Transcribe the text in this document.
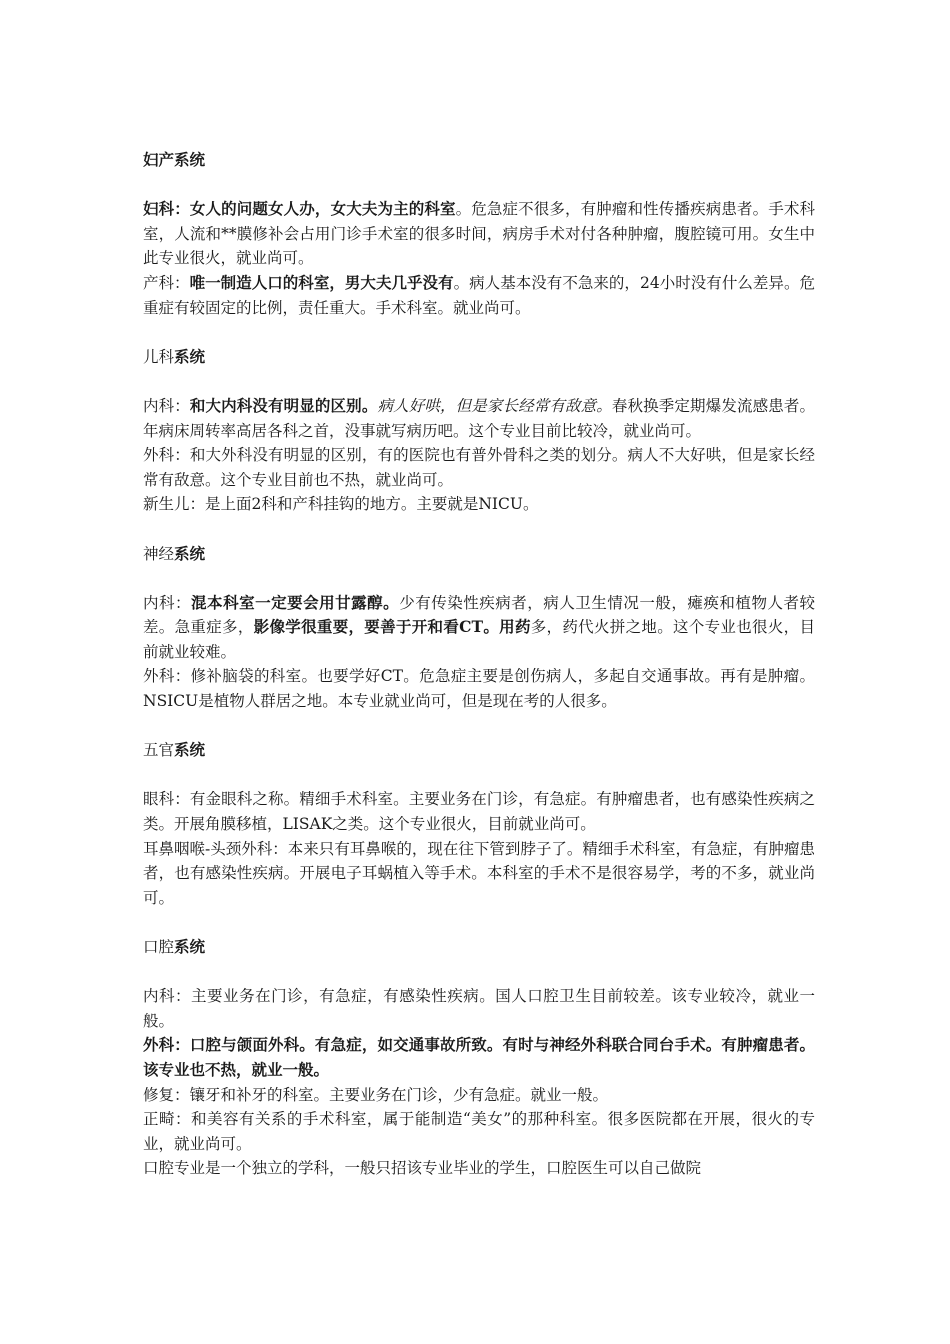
妇产系统

妇科：女人的问题女人办，女大夫为主的科室。危急症不很多，有肿瘤和性传播疾病患者。手术科室，人流和**膜修补会占用门诊手术室的很多时间，病房手术对付各种肿瘤，腹腔镜可用。女生中此专业很火，就业尚可。

产科：唯一制造人口的科室，男大夫几乎没有。病人基本没有不急来的，24小时没有什么差异。危重症有较固定的比例，责任重大。手术科室。就业尚可。

儿科系统

内科：和大内科没有明显的区别。病人好哄，但是家长经常有敌意。春秋换季定期爆发流感患者。年病床周转率高居各科之首，没事就写病历吧。这个专业目前比较冷，就业尚可。

外科：和大外科没有明显的区别，有的医院也有普外骨科之类的划分。病人不大好哄，但是家长经常有敌意。这个专业目前也不热，就业尚可。

新生儿：是上面2科和产科挂钩的地方。主要就是NICU。

神经系统

内科：混本科室一定要会用甘露醇。少有传染性疾病者，病人卫生情况一般，瘫痪和植物人者较差。急重症多，影像学很重要，要善于开和看CT。用药多，药代火拼之地。这个专业也很火，目前就业较难。

外科：修补脑袋的科室。也要学好CT。危急症主要是创伤病人，多起自交通事故。再有是肿瘤。NSICU是植物人群居之地。本专业就业尚可，但是现在考的人很多。

五官系统

眼科：有金眼科之称。精细手术科室。主要业务在门诊，有急症。有肿瘤患者，也有感染性疾病之类。开展角膜移植，LISAK之类。这个专业很火，目前就业尚可。

耳鼻咽喉-头颈外科：本来只有耳鼻喉的，现在往下管到脖子了。精细手术科室，有急症，有肿瘤患者，也有感染性疾病。开展电子耳蜗植入等手术。本科室的手术不是很容易学，考的不多，就业尚可。

口腔系统

内科：主要业务在门诊，有急症，有感染性疾病。国人口腔卫生目前较差。该专业较冷，就业一般。

外科：口腔与颌面外科。有急症，如交通事故所致。有时与神经外科联合同台手术。有肿瘤患者。该专业也不热，就业一般。

修复：镶牙和补牙的科室。主要业务在门诊，少有急症。就业一般。

正畸：和美容有关系的手术科室，属于能制造“美女”的那种科室。很多医院都在开展，很火的专业，就业尚可。

口腔专业是一个独立的学科，一般只招该专业毕业的学生，口腔医生可以自己做院
